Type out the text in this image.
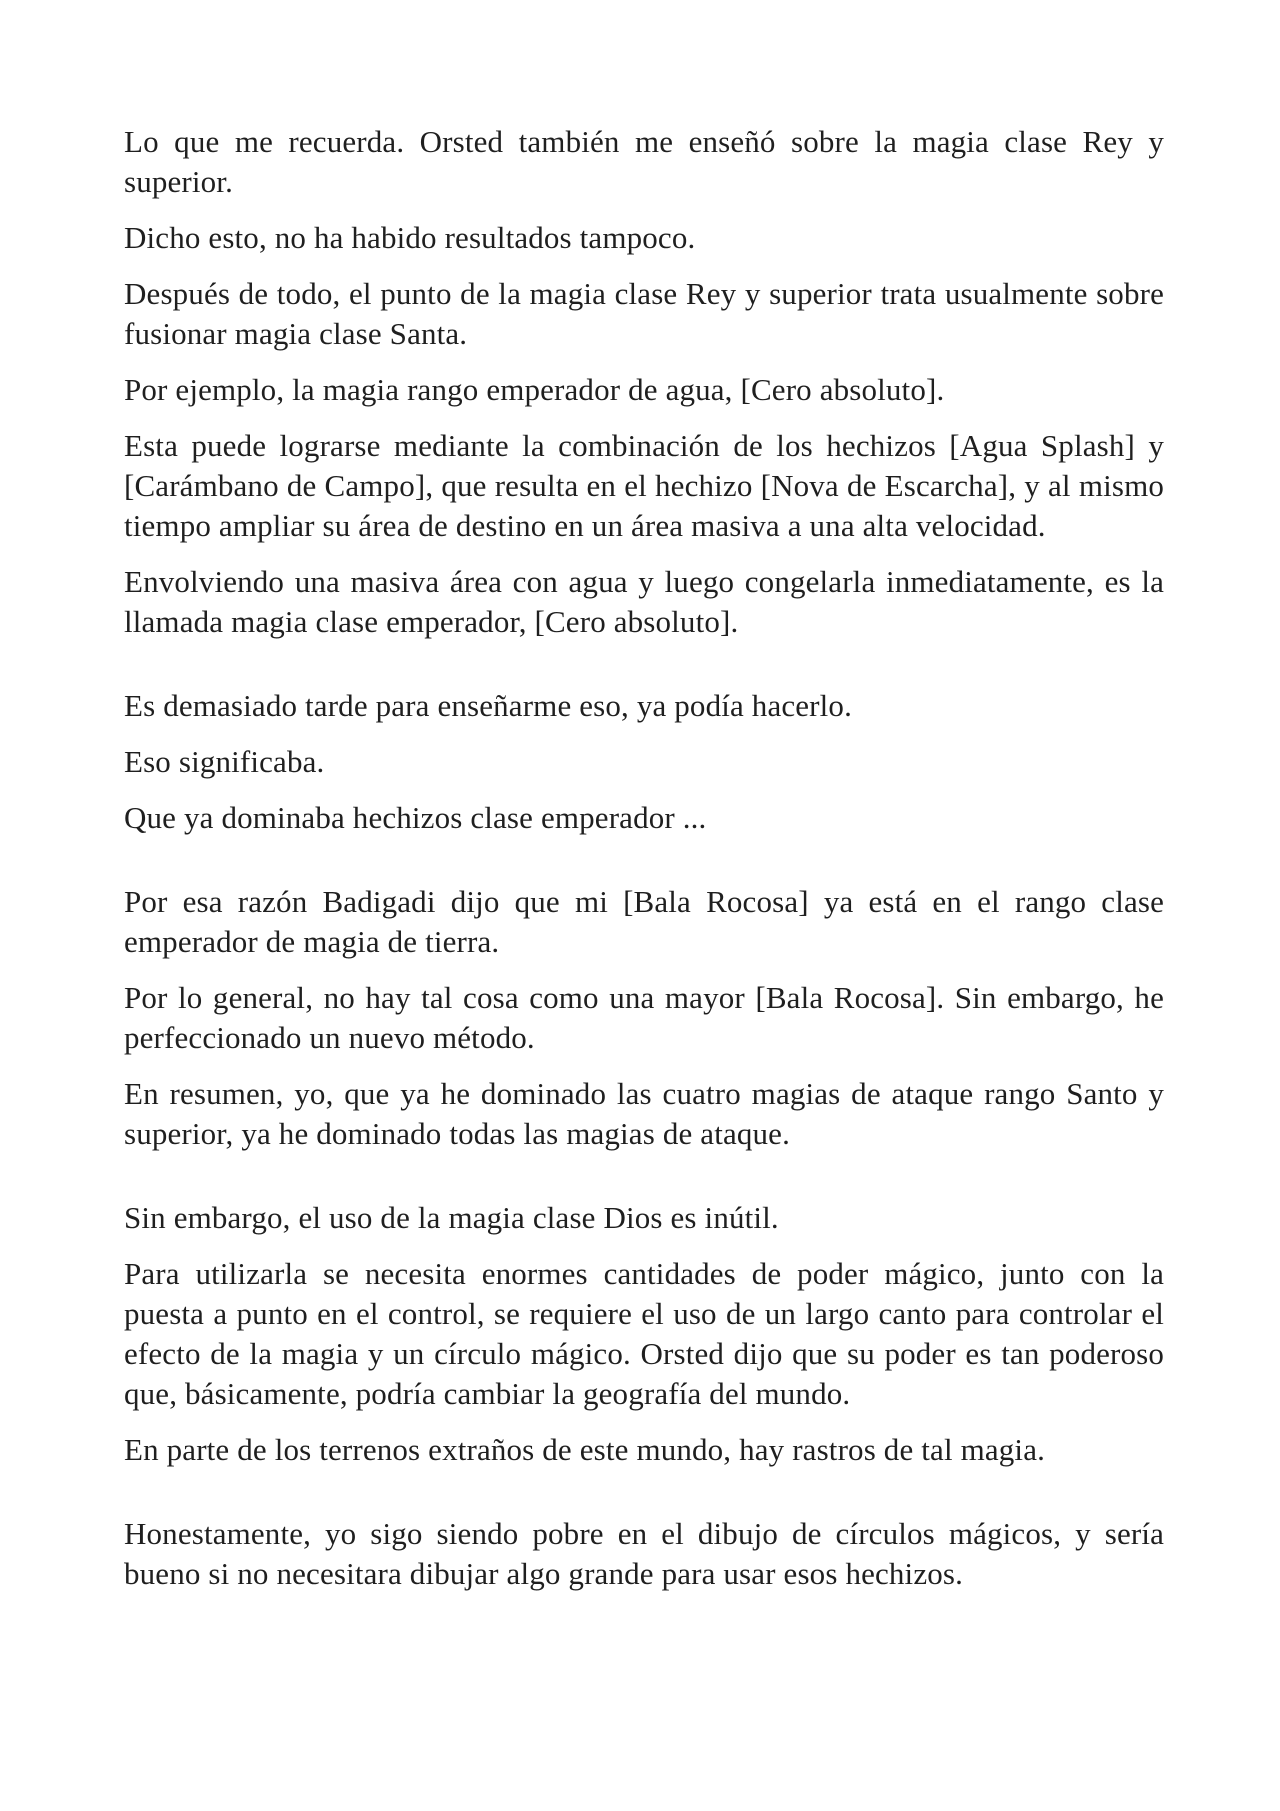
Lo que me recuerda. Orsted también me enseñó sobre la magia clase Rey y superior.

Dicho esto, no ha habido resultados tampoco.

Después de todo, el punto de la magia clase Rey y superior trata usualmente sobre fusionar magia clase Santa.

Por ejemplo, la magia rango emperador de agua, [Cero absoluto].

Esta puede lograrse mediante la combinación de los hechizos [Agua Splash] y [Carámbano de Campo], que resulta en el hechizo [Nova de Escarcha], y al mismo tiempo ampliar su área de destino en un área masiva a una alta velocidad.

Envolviendo una masiva área con agua y luego congelarla inmediatamente, es la llamada magia clase emperador, [Cero absoluto].

Es demasiado tarde para enseñarme eso, ya podía hacerlo.

Eso significaba.

Que ya dominaba hechizos clase emperador ...

Por esa razón Badigadi dijo que mi [Bala Rocosa] ya está en el rango clase emperador de magia de tierra.

Por lo general, no hay tal cosa como una mayor [Bala Rocosa]. Sin embargo, he perfeccionado un nuevo método.

En resumen, yo, que ya he dominado las cuatro magias de ataque rango Santo y superior, ya he dominado todas las magias de ataque.

Sin embargo, el uso de la magia clase Dios es inútil.

Para utilizarla se necesita enormes cantidades de poder mágico, junto con la puesta a punto en el control, se requiere el uso de un largo canto para controlar el efecto de la magia y un círculo mágico. Orsted dijo que su poder es tan poderoso que, básicamente, podría cambiar la geografía del mundo.

En parte de los terrenos extraños de este mundo, hay rastros de tal magia.

Honestamente, yo sigo siendo pobre en el dibujo de círculos mágicos, y sería bueno si no necesitara dibujar algo grande para usar esos hechizos.
